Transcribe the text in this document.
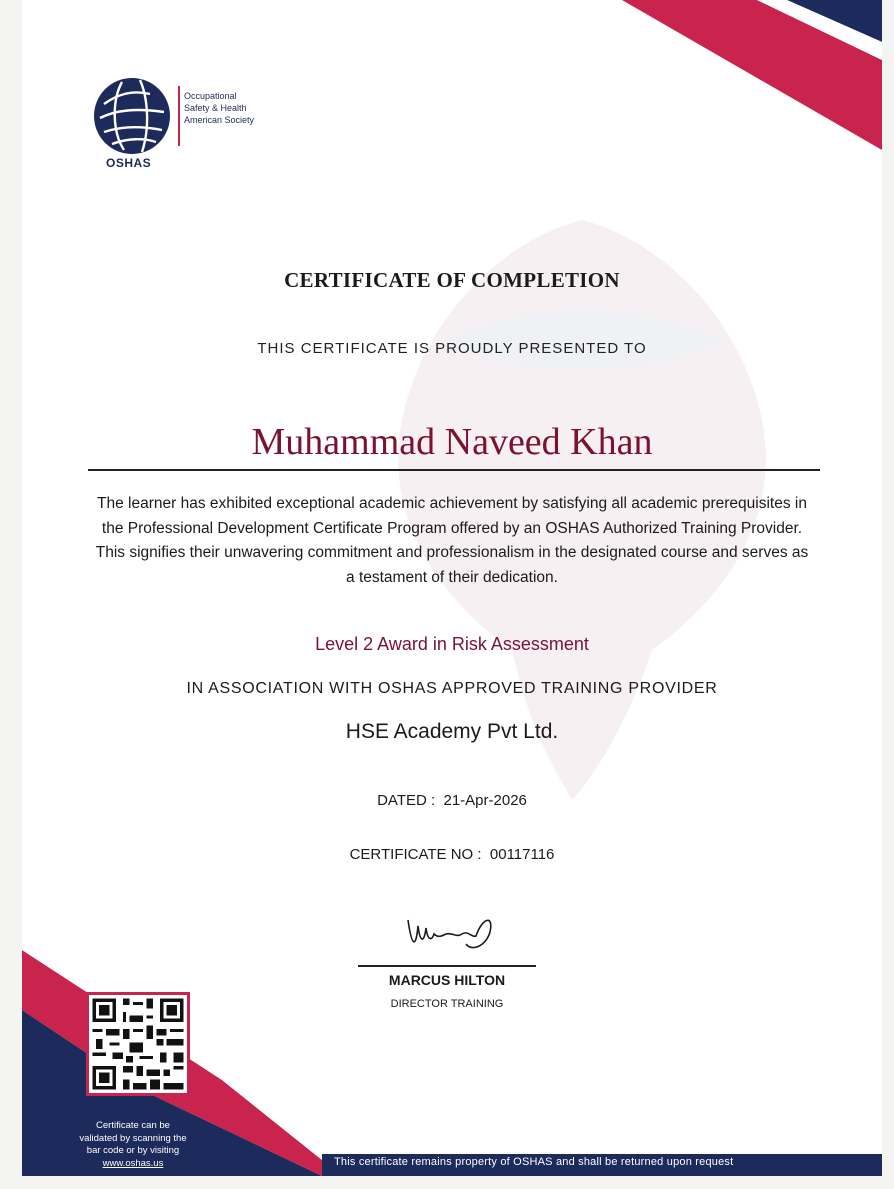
Occupational
Safety & Health
American Society
OSHAS
CERTIFICATE OF COMPLETION
THIS CERTIFICATE IS PROUDLY PRESENTED TO
Muhammad Naveed Khan
The learner has exhibited exceptional academic achievement by satisfying all academic prerequisites in the Professional Development Certificate Program offered by an OSHAS Authorized Training Provider. This signifies their unwavering commitment and professionalism in the designated course and serves as a testament of their dedication.
Level 2 Award in Risk Assessment
IN ASSOCIATION WITH OSHAS APPROVED TRAINING PROVIDER
HSE Academy Pvt Ltd.
DATED : 21-Apr-2026
CERTIFICATE NO : 00117116
MARCUS HILTON
DIRECTOR TRAINING
Certificate can be
validated by scanning the
bar code or by visiting
www.oshas.us	This certificate remains property of OSHAS and shall be returned upon request
